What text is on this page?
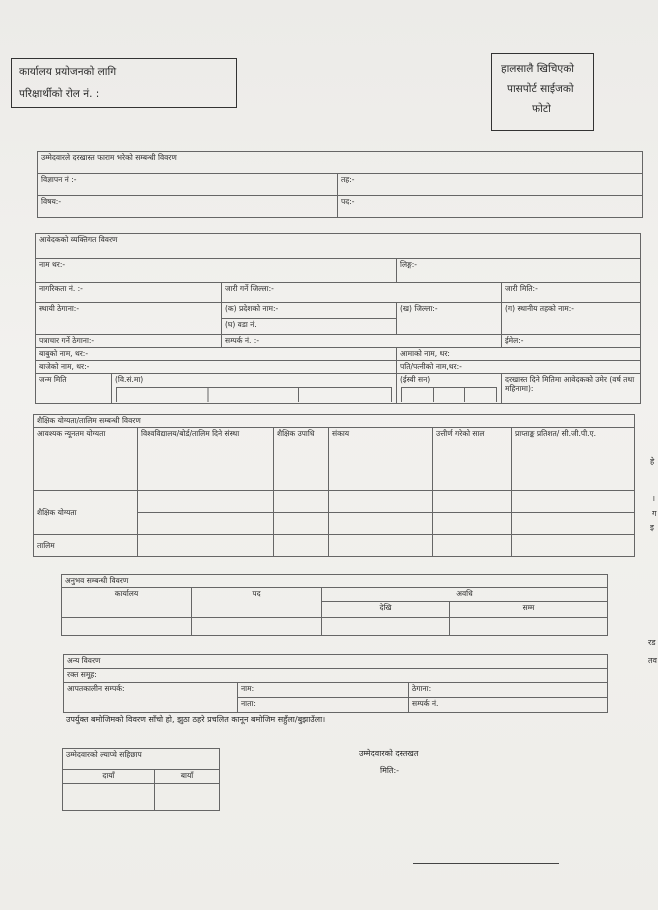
कार्यालय प्रयोजनको लागि
परिक्षार्थीको रोल नं. :
हालसालै खिचिएको
पासपोर्ट साईजको
फोटो
उम्मेदवारले दरखास्त फाराम भरेको सम्बन्धी विवरण	
विज्ञापन नं :-	तह:-
विषय:-	पद:-
आवेदकको व्यक्तिगत विवरण				
नाम थर:-			लिङ्ग:-	
नागरिकता नं. :-		जारी गर्ने जिल्ला:-		जारी मिति:-
स्थायी ठेगाना:-		(क) प्रदेशको नाम:-	(ख) जिल्ला:-	(ग) स्थानीय तहको नाम:-
		(घ) वडा नं.		
पत्राचार गर्ने ठेगाना:-		सम्पर्क नं. :-		ईमेल:-
बाबुको नाम, थर:-			आमाको नाम, थर:	
बाजेको नाम, थर:-			पति/पत्नीको नाम,थर:-	
जन्म मिति	(वि.सं.मा)		(ईस्वी सन)	दरखास्त दिने मितिमा आवेदकको उमेर (वर्ष तथा महिनामा):
शैक्षिक योग्यता/तालिम सम्बन्धी विवरण					
आवश्यक न्यूनतम योग्यता	विश्वविद्यालय/बोर्ड/तालिम दिने संस्था	शैक्षिक उपाधि	संकाय	उत्तीर्ण गरेको साल	प्राप्ताङ्क प्रतिशत/ सी.जी.पी.ए.
शैक्षिक योग्यता					

तालिम					
अनुभव सम्बन्धी विवरण			
कार्यालय	पद	अवधि	
		देखि	सम्म

अन्य विवरण		
रक्त समूह:		
आपतकालीन सम्पर्क:	नाम:	ठेगाना:
	नाता:	सम्पर्क नं.
उपर्युक्त बमोजिमको विवरण साँचो हो, झुठा ठहरे प्रचलित कानून बमोजिम सहुँला/बुझाउँला।
उम्मेदवारको ल्याप्चे सहिछाप	
दायाँ	बायाँ

उम्मेदवारको दस्तखत
मिति:-
हे
।
ग
इ
रड
तव
